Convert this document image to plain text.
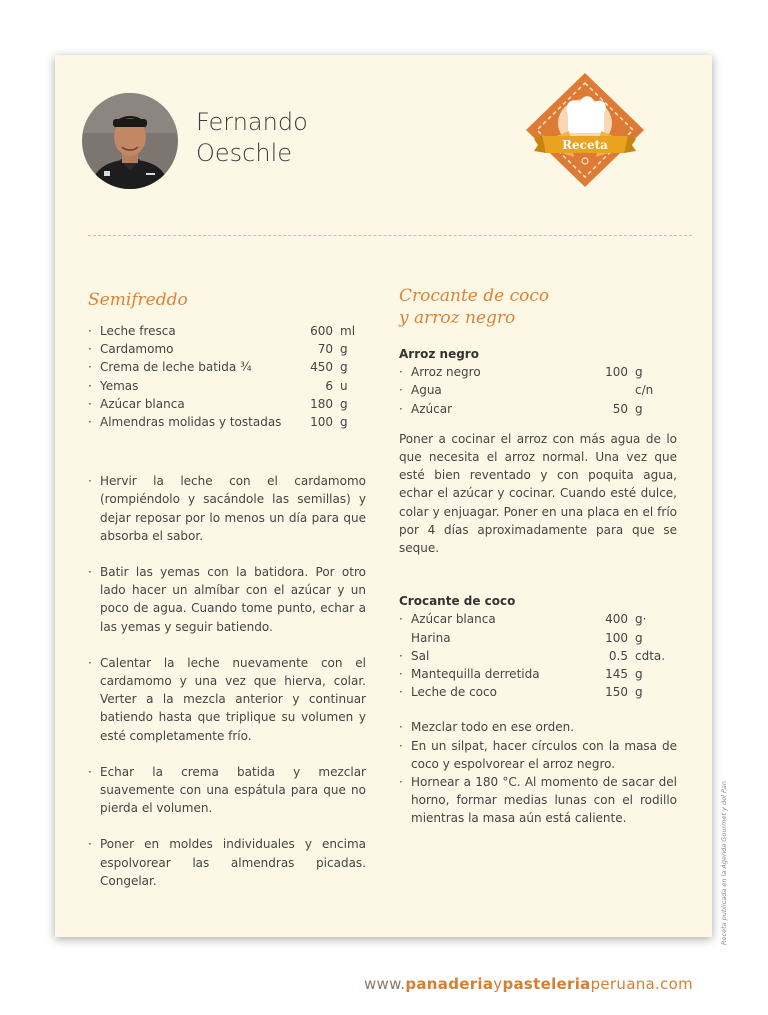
Fernando
Oeschle	Receta
Semifreddo
· Leche fresca	600 ml
· Cardamomo	70 g
· Crema de leche batida ¾	450 g
· Yemas	6 u
· Azúcar blanca	180 g
· Almendras molidas y tostadas	100 g
· Hervir la leche con el cardamomo (rompiéndolo y sacándole las semillas) y dejar reposar por lo menos un día para que absorba el sabor.
· Batir las yemas con la batidora. Por otro lado hacer un almíbar con el azúcar y un poco de agua. Cuando tome punto, echar a las yemas y seguir batiendo.
· Calentar la leche nuevamente con el cardamomo y una vez que hierva, colar. Verter a la mezcla anterior y continuar batiendo hasta que triplique su volumen y esté completamente frío.
· Echar la crema batida y mezclar suavemente con una espátula para que no pierda el volumen.
· Poner en moldes individuales y encima espolvorear las almendras picadas. Congelar.
Crocante de coco
y arroz negro
Arroz negro
· Arroz negro	100 g
· Agua	c/n
· Azúcar	50 g
Poner a cocinar el arroz con más agua de lo que necesita el arroz normal. Una vez que esté bien reventado y con poquita agua, echar el azúcar y cocinar. Cuando esté dulce, colar y enjuagar. Poner en una placa en el frío por 4 días aproximadamente para que se seque.
Crocante de coco
· Azúcar blanca	400 g·
Harina	100 g
· Sal	0.5 cdta.
· Mantequilla derretida	145 g
· Leche de coco	150 g
· Mezclar todo en ese orden.
· En un silpat, hacer círculos con la masa de coco y espolvorear el arroz negro.
· Hornear a 180 °C. Al momento de sacar del horno, formar medias lunas con el rodillo mientras la masa aún está caliente.	Receta publicada en la Agenda Gourmet y del Pan
www.panaderiaypasteleriaperuana.com
